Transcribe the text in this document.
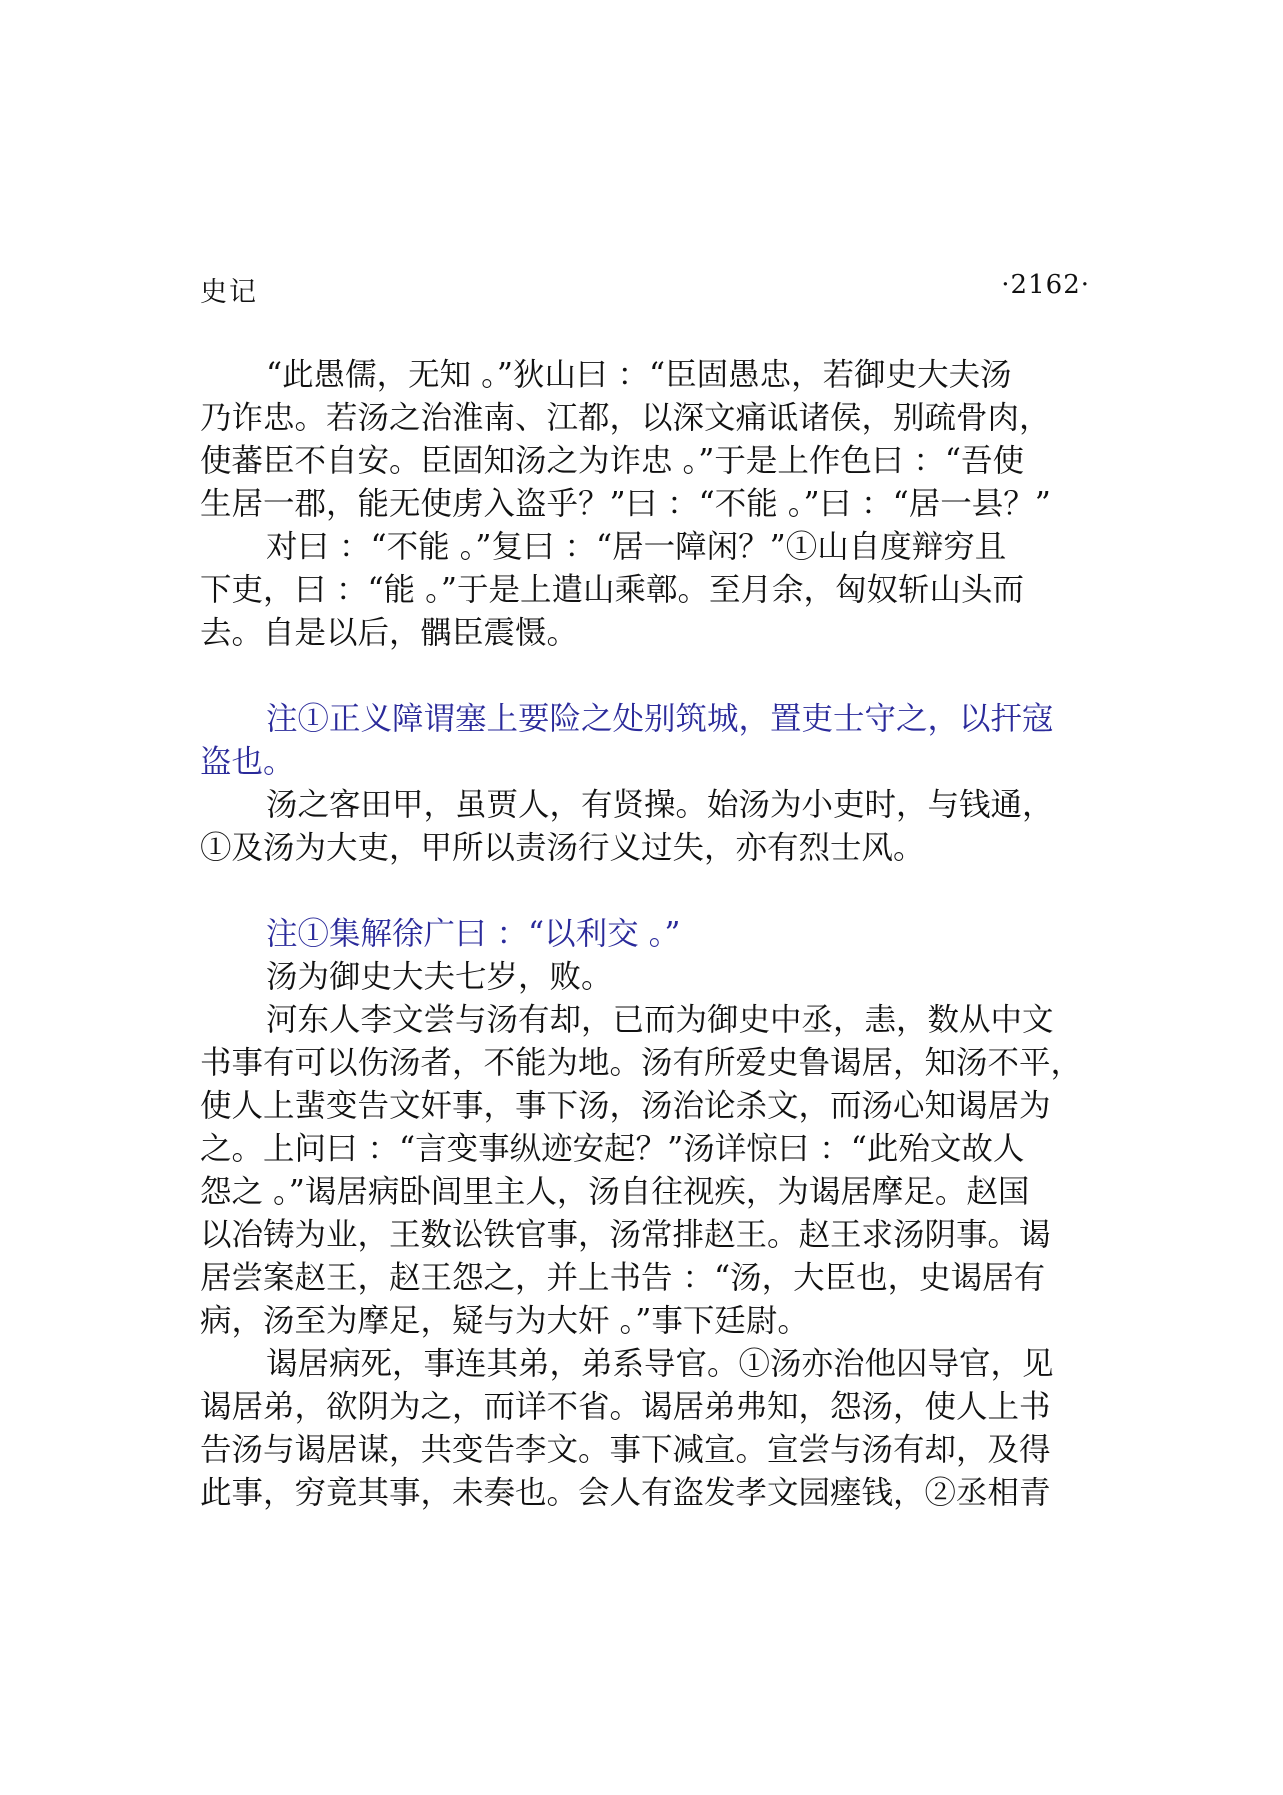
史记	·2162·

“此愚儒，无知 。”狄山曰 ：“臣固愚忠，若御史大夫汤

乃诈忠。若汤之治淮南、江都，以深文痛诋诸侯，别疏骨肉，

使蕃臣不自安。臣固知汤之为诈忠 。”于是上作色曰 ：“吾使

生居一郡，能无使虏入盗乎？”曰 ：“不能 。”曰 ：“居一县？”

对曰 ：“不能 。”复曰 ：“居一障闲？”①山自度辩穷且

下吏，曰 ：“能 。”于是上遣山乘鄣。至月余，匈奴斩山头而

去。自是以后，髃臣震慑。

注①正义障谓塞上要险之处别筑城，置吏士守之，以扞寇

盗也。

汤之客田甲，虽贾人，有贤操。始汤为小吏时，与钱通，

①及汤为大吏，甲所以责汤行义过失，亦有烈士风。

注①集解徐广曰 ：“以利交 。”

汤为御史大夫七岁，败。

河东人李文尝与汤有却，已而为御史中丞，恚，数从中文

书事有可以伤汤者，不能为地。汤有所爱史鲁谒居，知汤不平，

使人上蜚变告文奸事，事下汤，汤治论杀文，而汤心知谒居为

之。上问曰 ：“言变事纵迹安起？”汤详惊曰 ：“此殆文故人

怨之 。”谒居病卧闾里主人，汤自往视疾，为谒居摩足。赵国

以冶铸为业，王数讼铁官事，汤常排赵王。赵王求汤阴事。谒

居尝案赵王，赵王怨之，并上书告 ：“汤，大臣也，史谒居有

病，汤至为摩足，疑与为大奸 。”事下廷尉。

谒居病死，事连其弟，弟系导官。①汤亦治他囚导官，见

谒居弟，欲阴为之，而详不省。谒居弟弗知，怨汤，使人上书

告汤与谒居谋，共变告李文。事下减宣。宣尝与汤有却，及得

此事，穷竟其事，未奏也。会人有盗发孝文园瘗钱，②丞相青
